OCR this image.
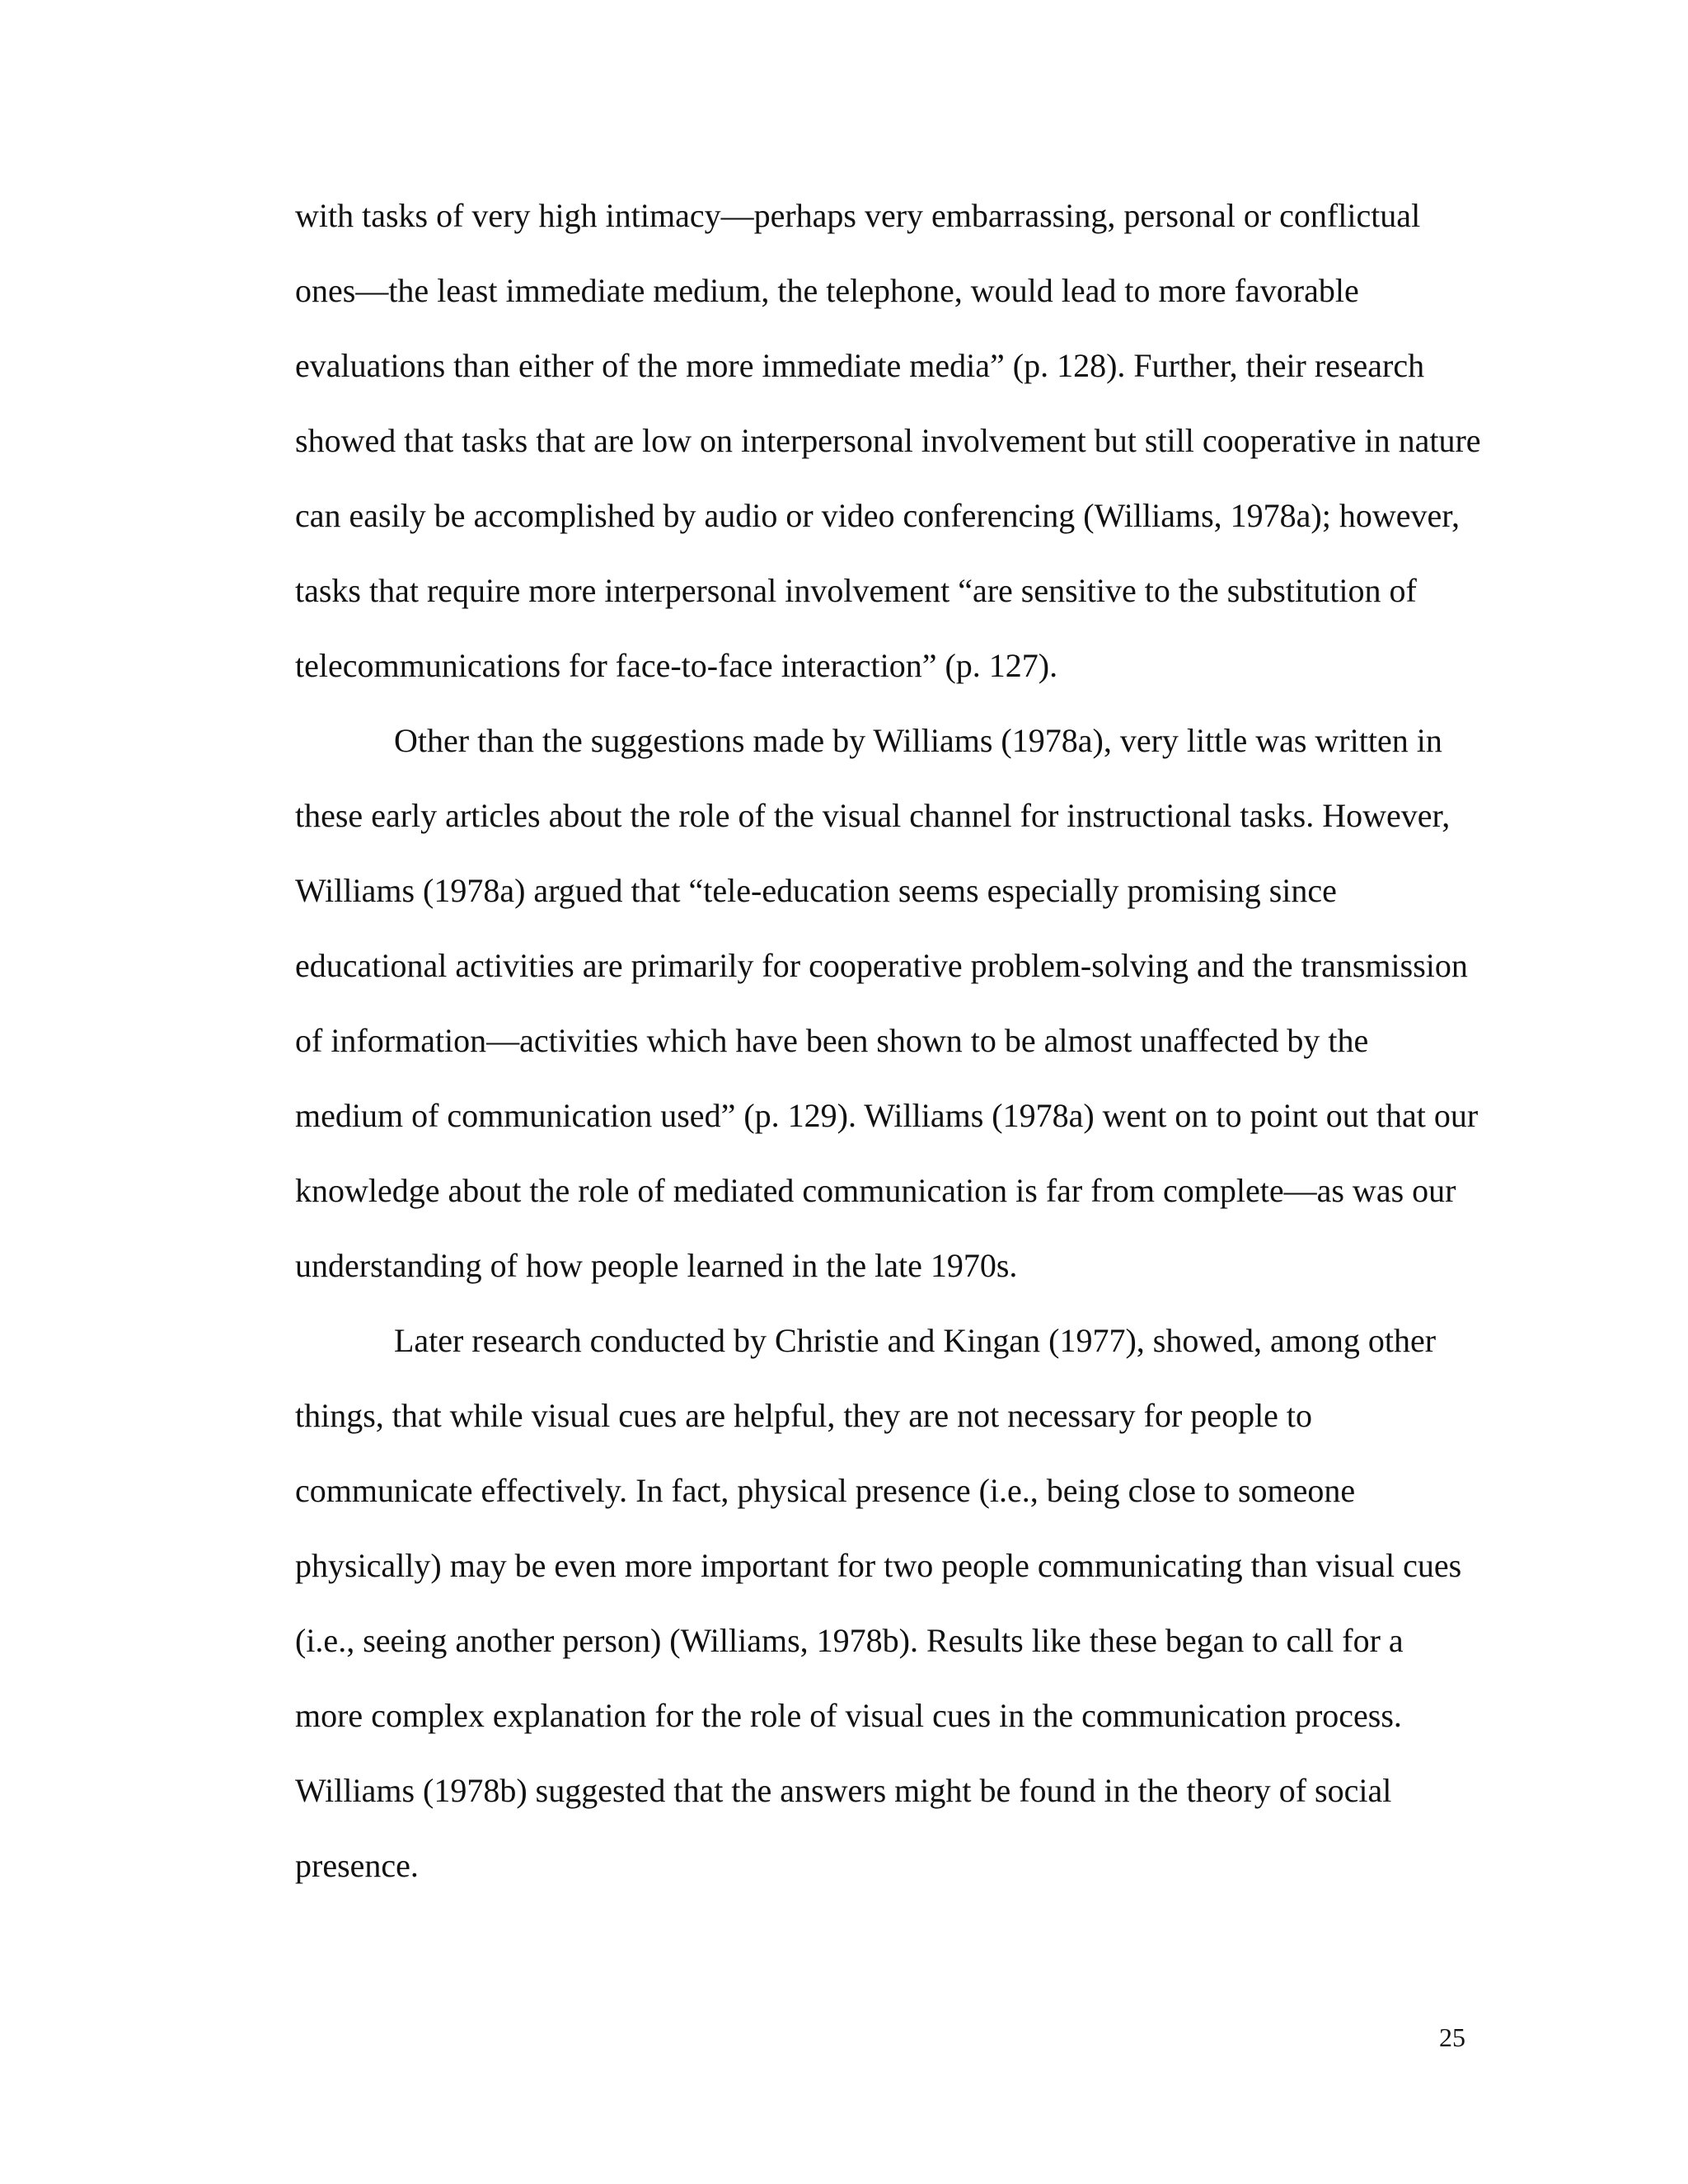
with tasks of very high intimacy—perhaps very embarrassing, personal or conflictual

ones—the least immediate medium, the telephone, would lead to more favorable

evaluations than either of the more immediate media” (p. 128). Further, their research

showed that tasks that are low on interpersonal involvement but still cooperative in nature

can easily be accomplished by audio or video conferencing (Williams, 1978a); however,

tasks that require more interpersonal involvement “are sensitive to the substitution of

telecommunications for face-to-face interaction” (p. 127).

Other than the suggestions made by Williams (1978a), very little was written in

these early articles about the role of the visual channel for instructional tasks. However,

Williams (1978a) argued that “tele-education seems especially promising since

educational activities are primarily for cooperative problem-solving and the transmission

of information—activities which have been shown to be almost unaffected by the

medium of communication used” (p. 129). Williams (1978a) went on to point out that our

knowledge about the role of mediated communication is far from complete—as was our

understanding of how people learned in the late 1970s.

Later research conducted by Christie and Kingan (1977), showed, among other

things, that while visual cues are helpful, they are not necessary for people to

communicate effectively. In fact, physical presence (i.e., being close to someone

physically) may be even more important for two people communicating than visual cues

(i.e., seeing another person) (Williams, 1978b). Results like these began to call for a

more complex explanation for the role of visual cues in the communication process.

Williams (1978b) suggested that the answers might be found in the theory of social

presence.

25
